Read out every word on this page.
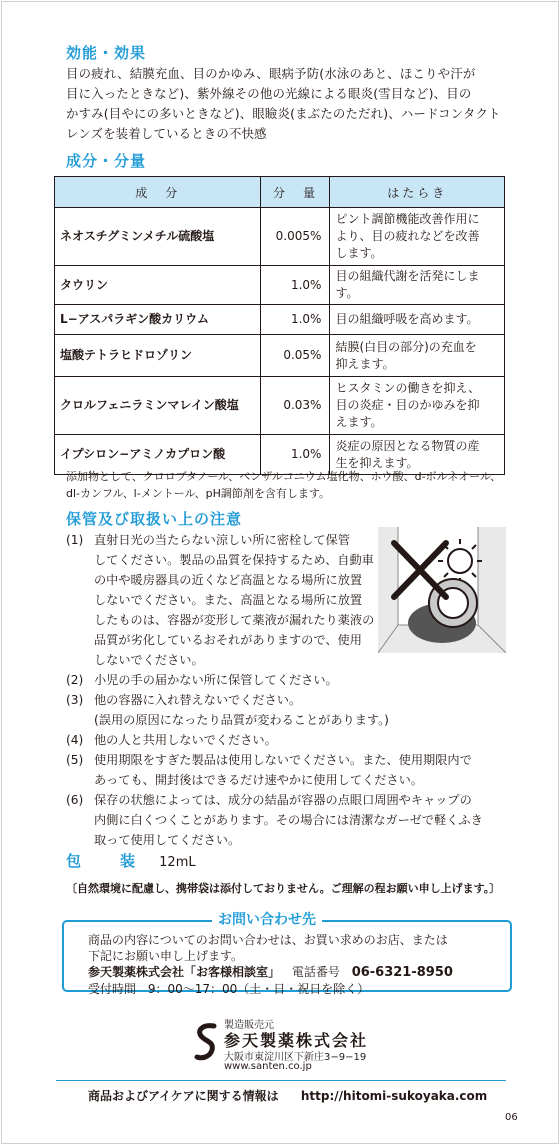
効能・効果
目の疲れ、結膜充血、目のかゆみ、眼病予防(水泳のあと、ほこりや汗が
目に入ったときなど)、紫外線その他の光線による眼炎(雪目など)、目の
かすみ(目やにの多いときなど)、眼瞼炎(まぶたのただれ)、ハードコンタクト
レンズを装着しているときの不快感
成分・分量
成　分	分　量	はたらき
ネオスチグミンメチル硫酸塩	0.005%	ピント調節機能改善作用に
より、目の疲れなどを改善
します。

タウリン	1.0%	目の組織代謝を活発にします。

L−アスパラギン酸カリウム	1.0%	目の組織呼吸を高めます。

塩酸テトラヒドロゾリン	0.05%	結膜(白目の部分)の充血を
抑えます。

クロルフェニラミンマレイン酸塩	0.03%	ヒスタミンの働きを抑え、
目の炎症・目のかゆみを抑
えます。

イプシロン−アミノカプロン酸	1.0%	炎症の原因となる物質の産
生を抑えます。
添加物として、クロロブタノール、ベンザルコニウム塩化物、ホウ酸、d-ボルネオール、
dl-カンフル、l-メントール、pH調節剤を含有します。
保管及び取扱い上の注意
(1) 直射日光の当たらない涼しい所に密栓して保管
してください。製品の品質を保持するため、自動車
の中や暖房器具の近くなど高温となる場所に放置
しないでください。また、高温となる場所に放置
したものは、容器が変形して薬液が漏れたり薬液の
品質が劣化しているおそれがありますので、使用
しないでください。
(2) 小児の手の届かない所に保管してください。
(3) 他の容器に入れ替えないでください。
(誤用の原因になったり品質が変わることがあります。)
(4) 他の人と共用しないでください。
(5) 使用期限をすぎた製品は使用しないでください。また、使用期限内で
あっても、開封後はできるだけ速やかに使用してください。
(6) 保存の状態によっては、成分の結晶が容器の点眼口周囲やキャップの
内側に白くつくことがあります。その場合には清潔なガーゼで軽くふき
取って使用してください。
包　装 12mL
〔自然環境に配慮し、携帯袋は添付しておりません。ご理解の程お願い申し上げます。〕
お問い合わせ先
商品の内容についてのお問い合わせは、お買い求めのお店、または
下記にお願い申し上げます。
参天製薬株式会社「お客様相談室」 電話番号 06-6321-8950
受付時間 9：00〜17：00（土・日・祝日を除く）
製造販売元
参天製薬株式会社
大阪市東淀川区下新庄3−9−19
www.santen.co.jp
商品およびアイケアに関する情報は http://hitomi-sukoyaka.com
06
